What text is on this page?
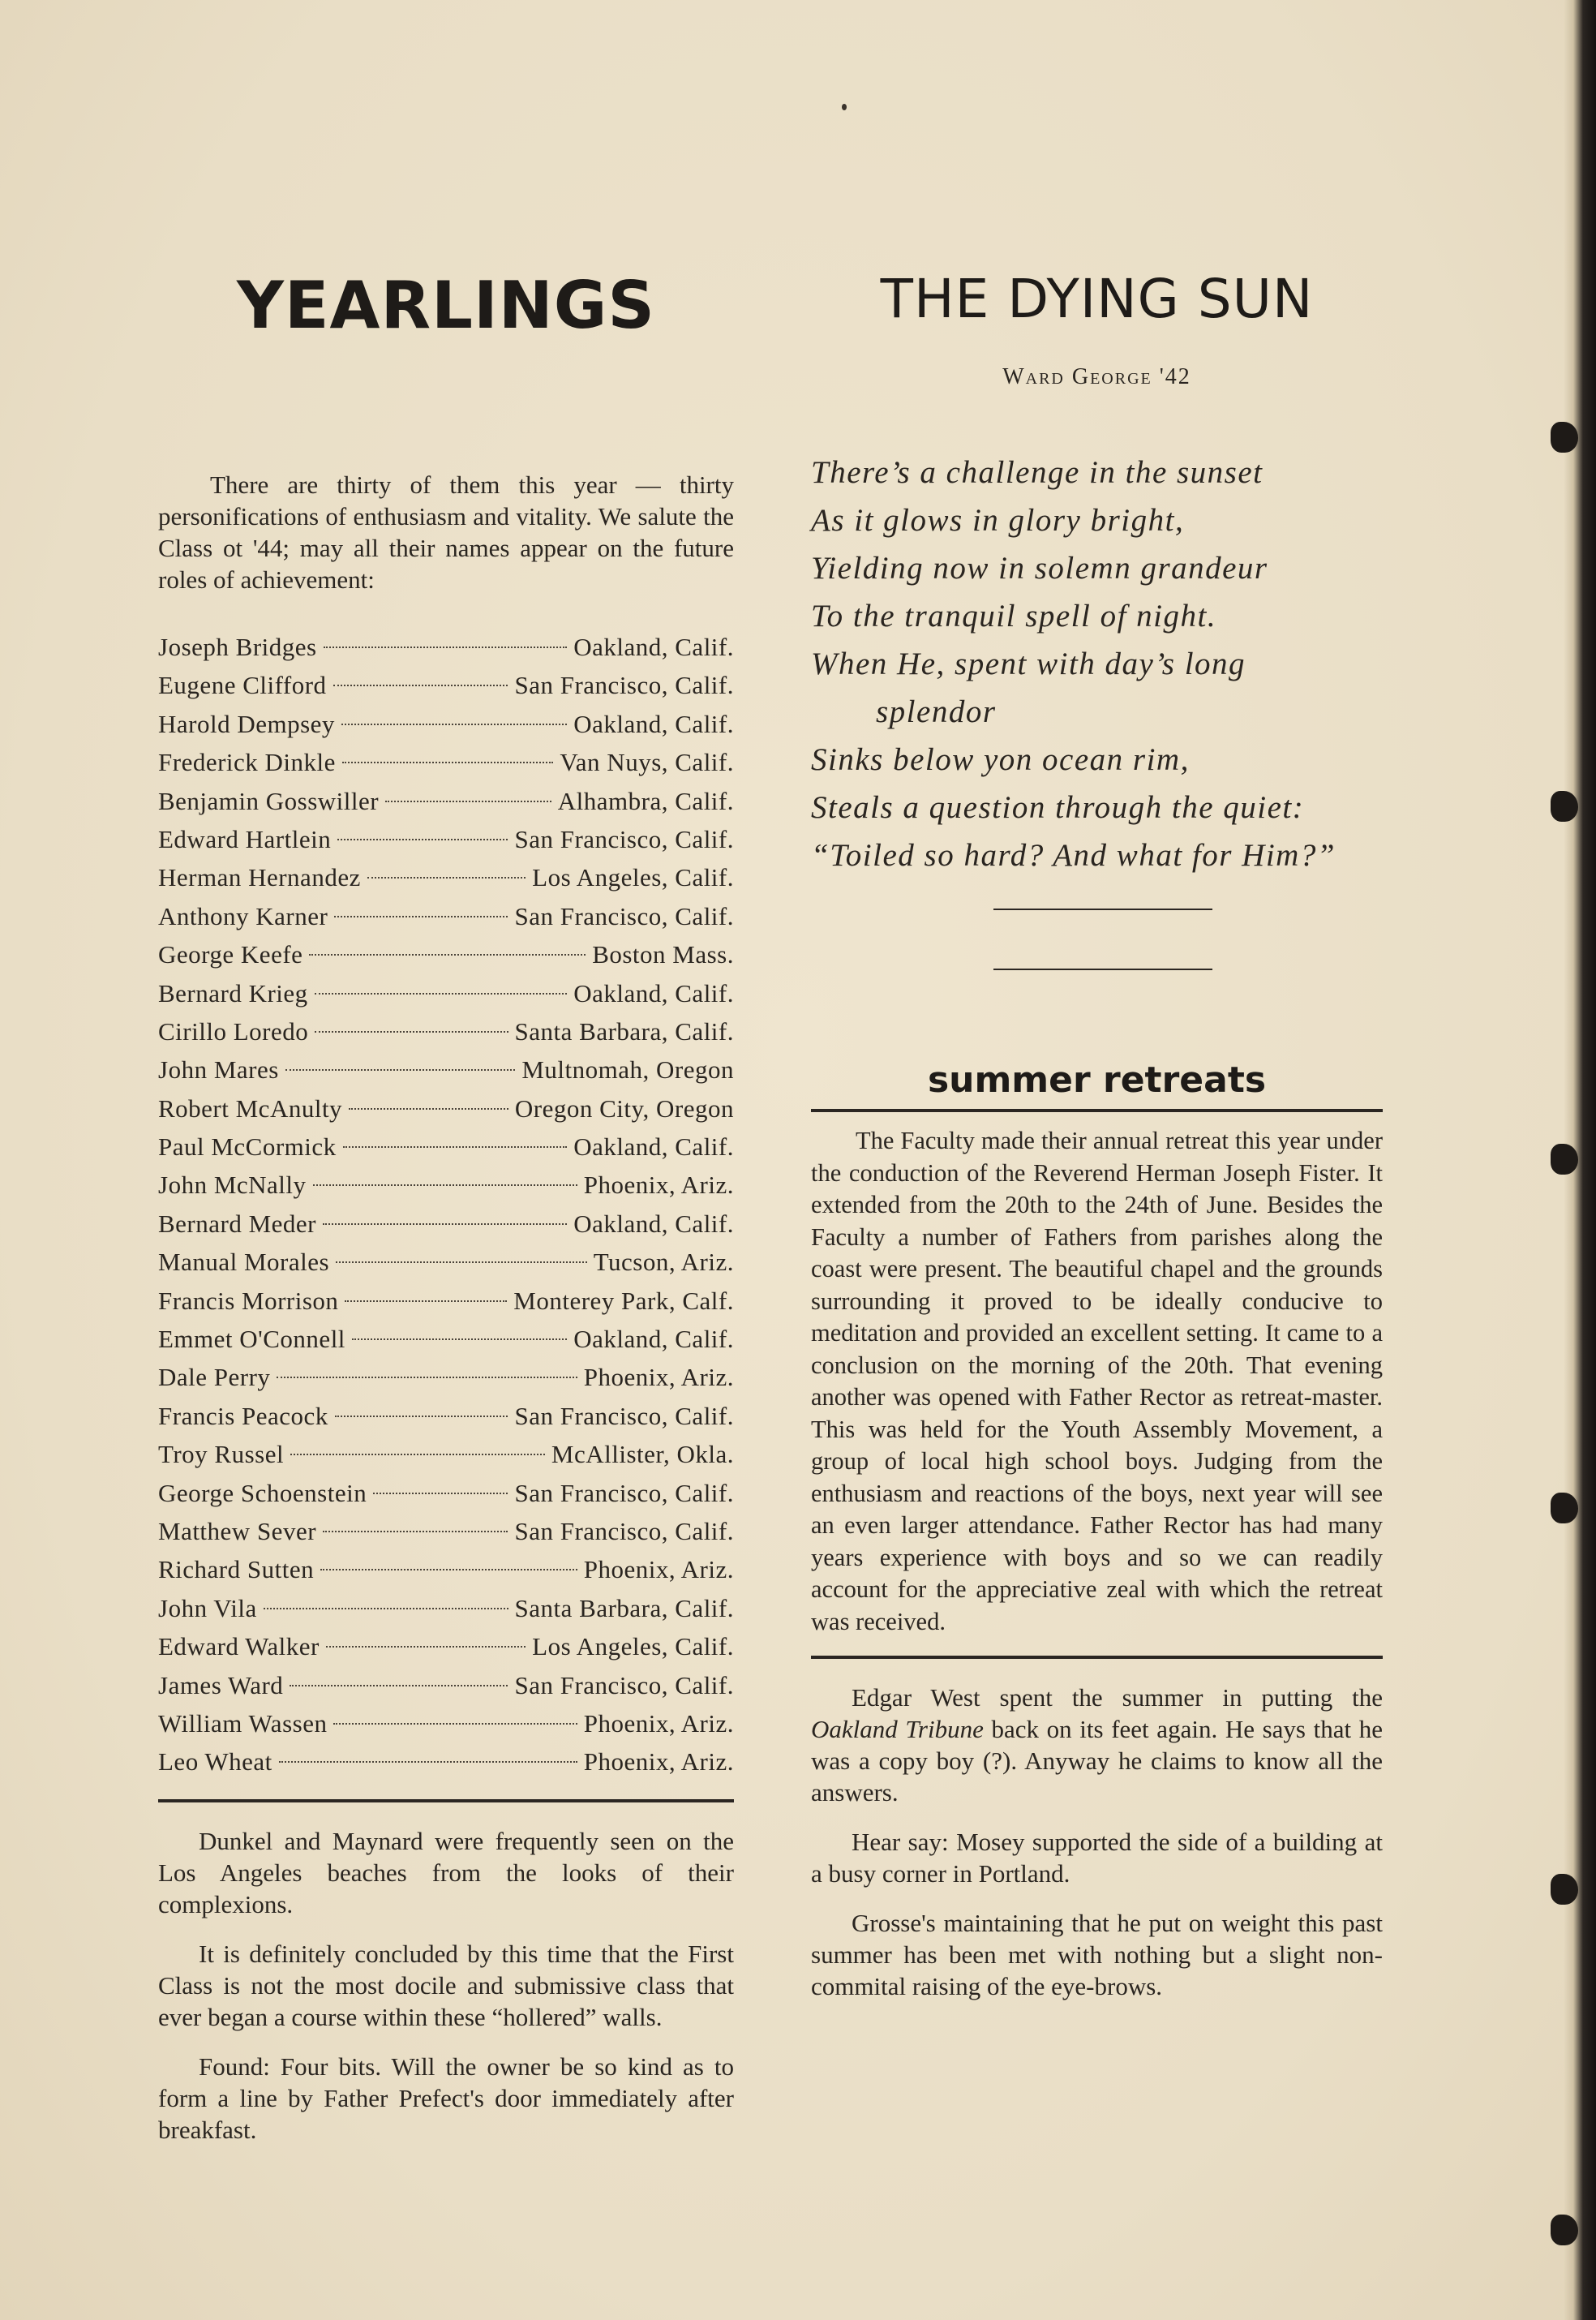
YEARLINGS

There are thirty of them this year — thirty personifications of enthusiasm and vitality. We salute the Class ot '44; may all their names appear on the future roles of achievement:

Joseph Bridges	Oakland, Calif.
Eugene Clifford	San Francisco, Calif.
Harold Dempsey	Oakland, Calif.
Frederick Dinkle	Van Nuys, Calif.
Benjamin Gosswiller	Alhambra, Calif.
Edward Hartlein	San Francisco, Calif.
Herman Hernandez	Los Angeles, Calif.
Anthony Karner	San Francisco, Calif.
George Keefe	Boston Mass.
Bernard Krieg	Oakland, Calif.
Cirillo Loredo	Santa Barbara, Calif.
John Mares	Multnomah, Oregon
Robert McAnulty	Oregon City, Oregon
Paul McCormick	Oakland, Calif.
John McNally	Phoenix, Ariz.
Bernard Meder	Oakland, Calif.
Manual Morales	Tucson, Ariz.
Francis Morrison	Monterey Park, Calf.
Emmet O'Connell	Oakland, Calif.
Dale Perry	Phoenix, Ariz.
Francis Peacock	San Francisco, Calif.
Troy Russel	McAllister, Okla.
George Schoenstein	San Francisco, Calif.
Matthew Sever	San Francisco, Calif.
Richard Sutten	Phoenix, Ariz.
John Vila	Santa Barbara, Calif.
Edward Walker	Los Angeles, Calif.
James Ward	San Francisco, Calif.
William Wassen	Phoenix, Ariz.
Leo Wheat	Phoenix, Ariz.

Dunkel and Maynard were frequently seen on the Los Angeles beaches from the looks of their complexions.

It is definitely concluded by this time that the First Class is not the most docile and submissive class that ever began a course within these “hollered” walls.

Found: Four bits. Will the owner be so kind as to form a line by Father Prefect's door immediately after breakfast.

THE DYING SUN
Ward George '42
There’s a challenge in the sunset
As it glows in glory bright,
Yielding now in solemn grandeur
To the tranquil spell of night.
When He, spent with day’s long
splendor
Sinks below yon ocean rim,
Steals a question through the quiet:
“Toiled so hard? And what for Him?”
summer retreats

The Faculty made their annual retreat this year under the conduction of the Reverend Herman Joseph Fister. It extended from the 20th to the 24th of June. Besides the Faculty a number of Fathers from parishes along the coast were present. The beautiful chapel and the grounds surrounding it proved to be ideally conducive to meditation and provided an excellent setting. It came to a conclusion on the morning of the 20th. That evening another was opened with Father Rector as retreat-master. This was held for the Youth Assembly Movement, a group of local high school boys. Judging from the enthusiasm and reactions of the boys, next year will see an even larger attendance. Father Rector has had many years experience with boys and so we can readily account for the appreciative zeal with which the retreat was received.

Edgar West spent the summer in putting the Oakland Tribune back on its feet again. He says that he was a copy boy (?). Anyway he claims to know all the answers.

Hear say: Mosey supported the side of a building at a busy corner in Portland.

Grosse's maintaining that he put on weight this past summer has been met with nothing but a slight non-commital raising of the eye-brows.
